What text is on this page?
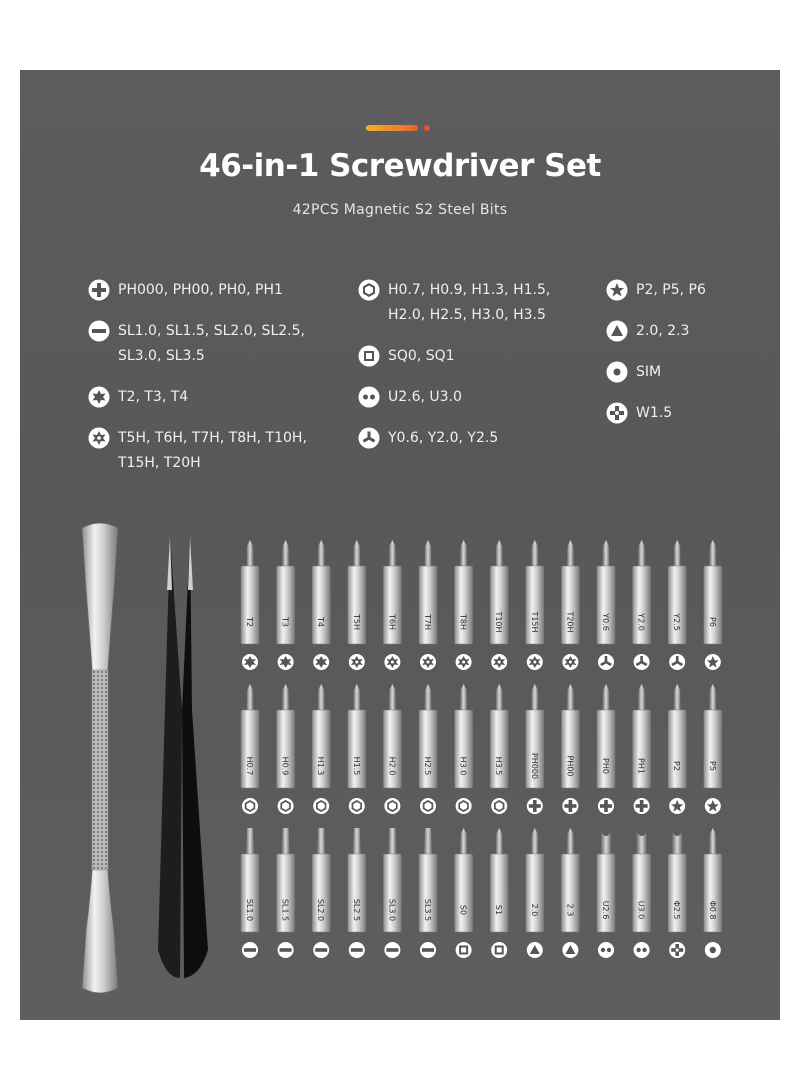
46-in-1 Screwdriver Set
42PCS Magnetic S2 Steel Bits
PH000, PH00, PH0, PH1
SL1.0, SL1.5, SL2.0, SL2.5, SL3.0, SL3.5
T2, T3, T4
T5H, T6H, T7H, T8H, T10H, T15H, T20H
H0.7, H0.9, H1.3, H1.5, H2.0, H2.5, H3.0, H3.5
SQ0, SQ1
U2.6, U3.0
Y0.6, Y2.0, Y2.5
P2, P5, P6
2.0, 2.3
SIM
W1.5
T2	T3	T4	T5H	T6H	T7H	T8H	T10H	T15H	T20H	Y0.6	Y2.0	Y2.5	P6
H0.7	H0.9	H1.3	H1.5	H2.0	H2.5	H3.0	H3.5	PH000	PH00	PH0	PH1	P2	P5
SL1.0	SL1.5	SL2.0	SL2.5	SL3.0	SL3.5	S0	S1	2.0	2.3	U2.6	U3.0	Φ2.5	Φ0.8
